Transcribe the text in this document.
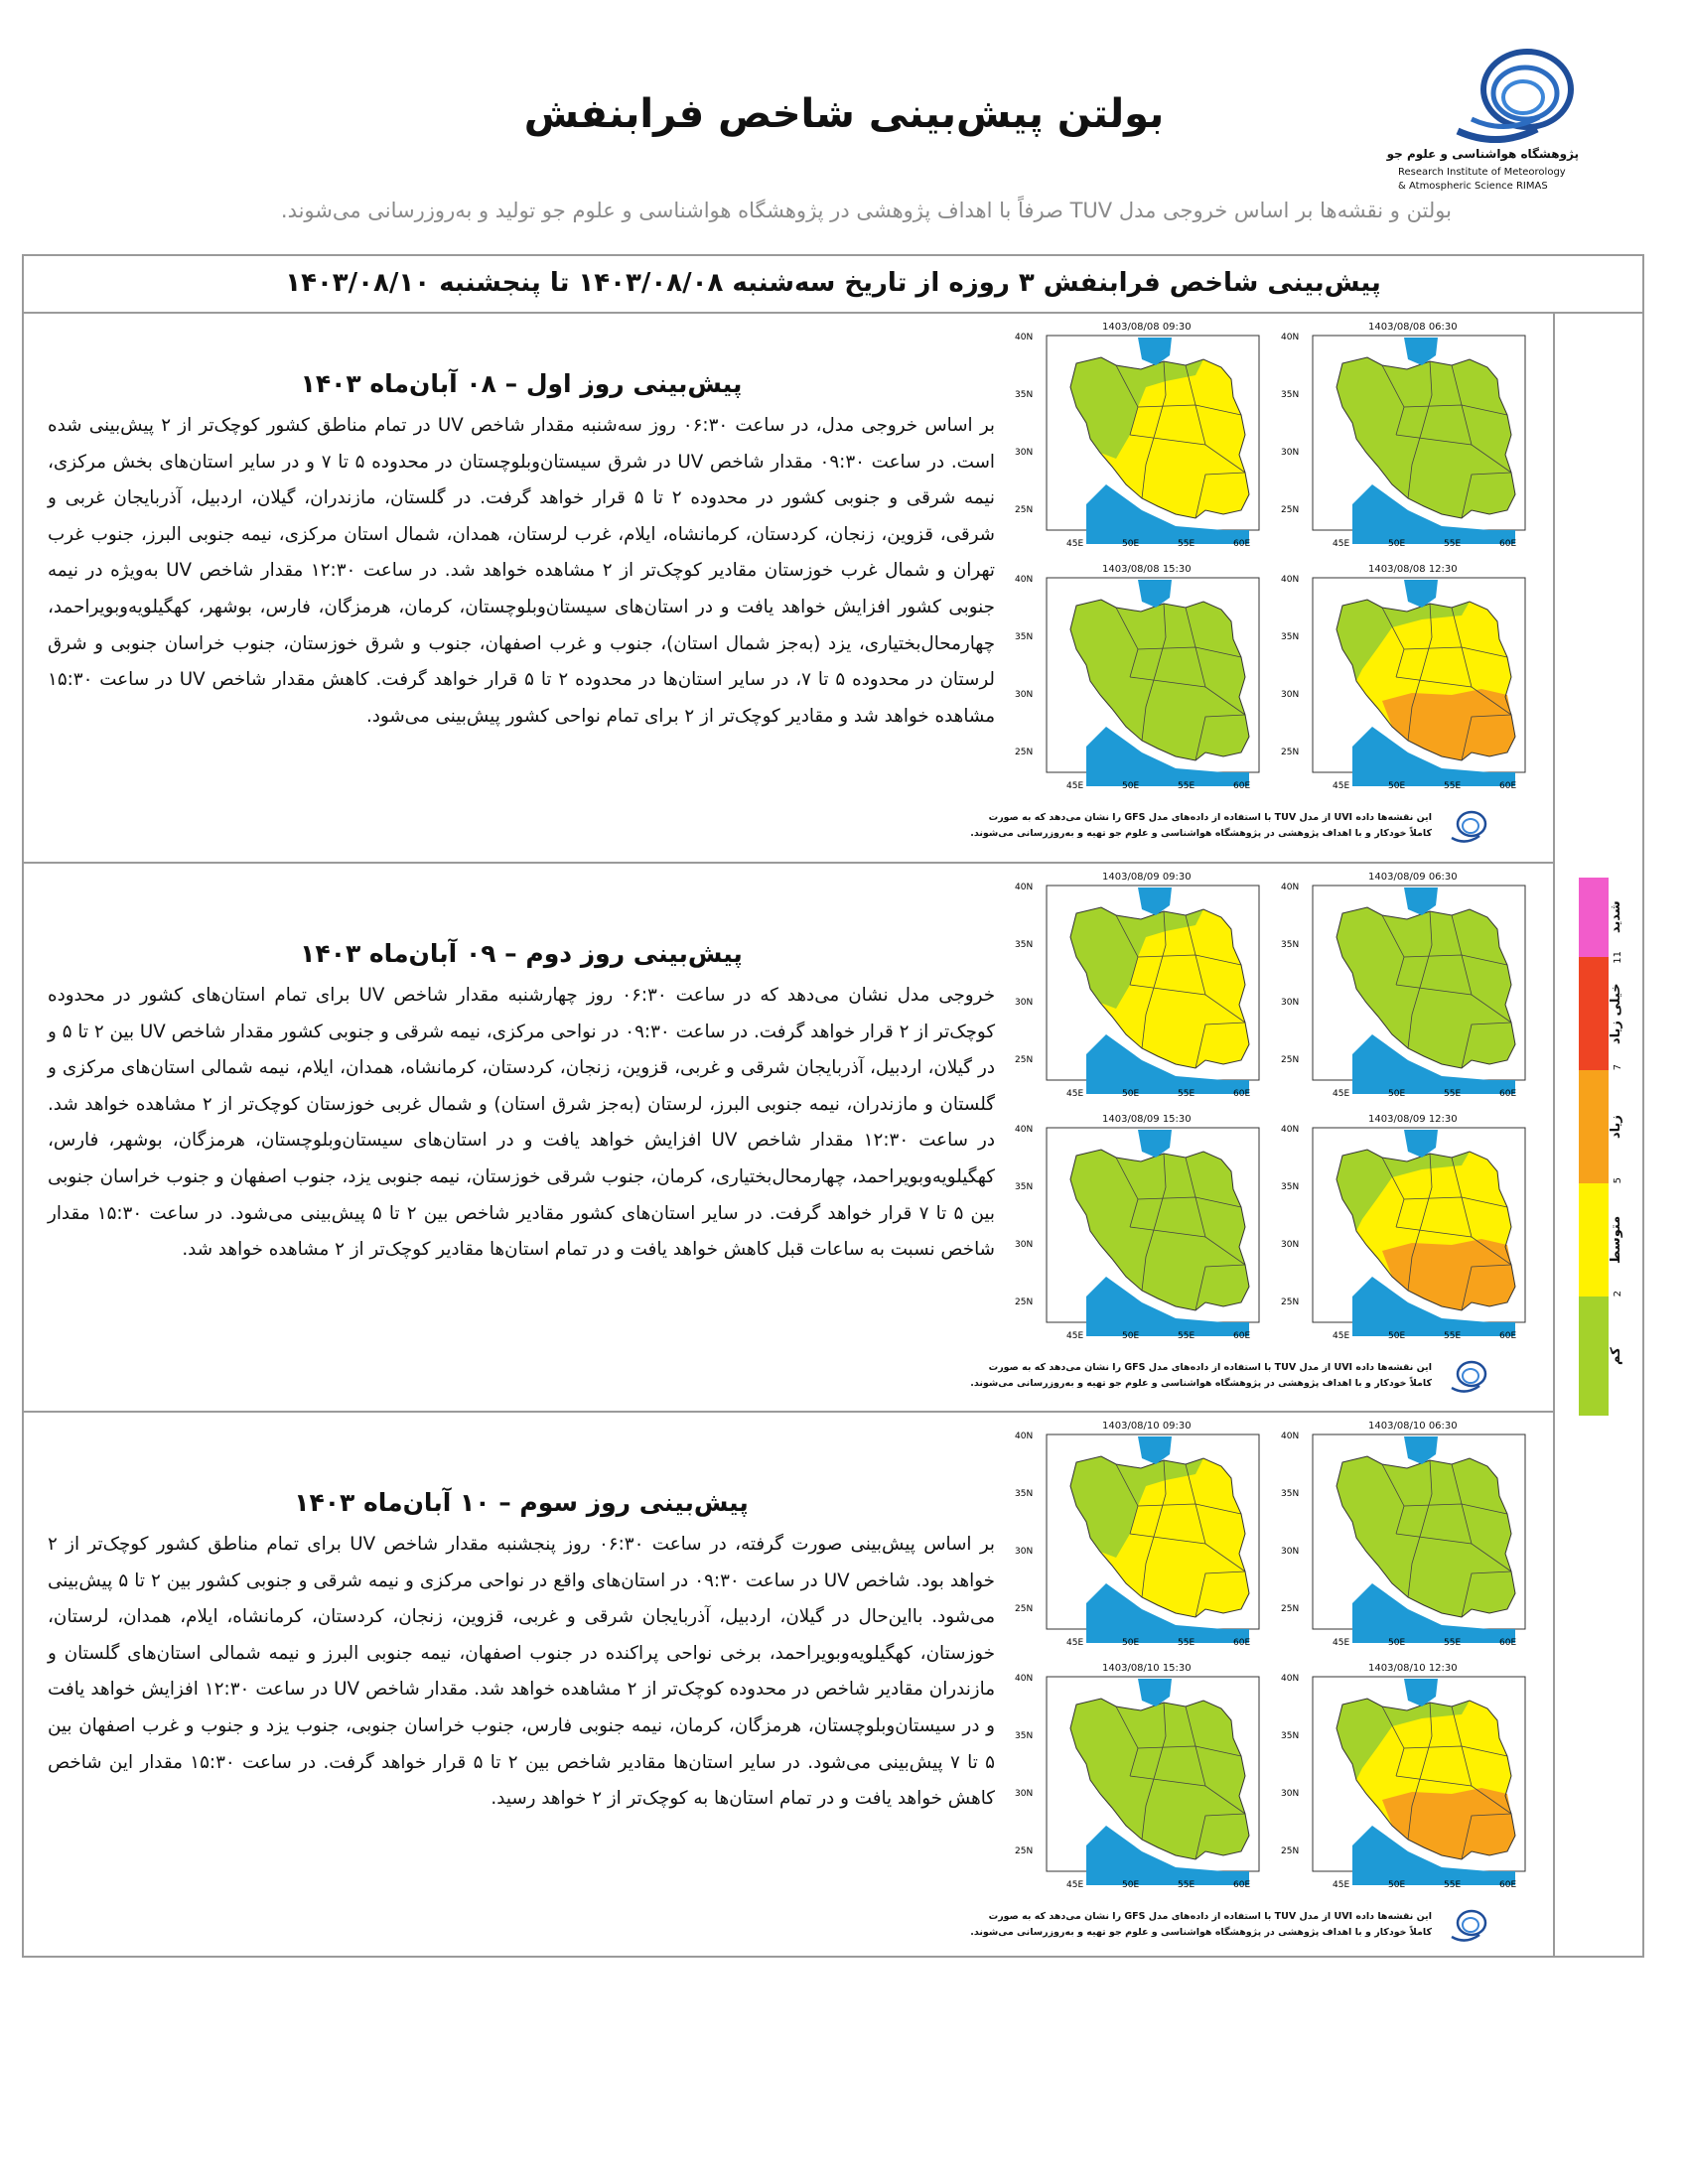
بولتن پیش‌بینی شاخص فرابنفش
پژوهشگاه هواشناسی و علوم جو
Research Institute of Meteorology
& Atmospheric Science RIMAS
بولتن و نقشه‌ها بر اساس خروجی مدل TUV صرفاً با اهداف پژوهشی در پژوهشگاه هواشناسی و علوم جو تولید و به‌روزرسانی می‌شوند.
پیش‌بینی شاخص فرابنفش ۳ روزه از تاریخ سه‌شنبه ۱۴۰۳/۰۸/۰۸ تا پنجشنبه ۱۴۰۳/۰۸/۱۰
پیش‌بینی روز اول – ۰۸ آبان‌ماه ۱۴۰۳

بر اساس خروجی مدل، در ساعت ۰۶:۳۰ روز سه‌شنبه مقدار شاخص UV در تمام مناطق کشور کوچک‌تر از ۲ پیش‌بینی شده است. در ساعت ۰۹:۳۰ مقدار شاخص UV در شرق سیستان‌وبلوچستان در محدوده ۵ تا ۷ و در سایر استان‌های بخش مرکزی، نیمه شرقی و جنوبی کشور در محدوده ۲ تا ۵ قرار خواهد گرفت. در گلستان، مازندران، گیلان، اردبیل، آذربایجان غربی و شرقی، قزوین، زنجان، کردستان، کرمانشاه، ایلام، غرب لرستان، همدان، شمال استان مرکزی، نیمه جنوبی البرز، جنوب غرب تهران و شمال غرب خوزستان مقادیر کوچک‌تر از ۲ مشاهده خواهد شد. در ساعت ۱۲:۳۰ مقدار شاخص UV به‌ویژه در نیمه جنوبی کشور افزایش خواهد یافت و در استان‌های سیستان‌وبلوچستان، کرمان، هرمزگان، فارس، بوشهر، کهگیلویه‌وبویراحمد، چهارمحال‌بختیاری، یزد (به‌جز شمال استان)، جنوب و غرب اصفهان، جنوب و شرق خوزستان، جنوب خراسان جنوبی و شرق لرستان در محدوده ۵ تا ۷، در سایر استان‌ها در محدوده ۲ تا ۵ قرار خواهد گرفت. کاهش مقدار شاخص UV در ساعت ۱۵:۳۰ مشاهده خواهد شد و مقادیر کوچک‌تر از ۲ برای تمام نواحی کشور پیش‌بینی می‌شود.

40N
35N
30N
25N
45E	50E	55E	60E
1403/08/08 06:30
40N
35N
30N
25N
45E	50E	55E	60E
1403/08/08 09:30
40N
35N
30N
25N
45E	50E	55E	60E
1403/08/08 12:30
40N
35N
30N
25N
45E	50E	55E	60E
1403/08/08 15:30
این نقشه‌ها داده UVI از مدل TUV با استفاده از داده‌های مدل GFS را نشان می‌دهد که به صورت
کاملاً خودکار و با اهداف پژوهشی در پژوهشگاه هواشناسی و علوم جو تهیه و به‌روزرسانی می‌شوند.
پیش‌بینی روز دوم – ۰۹ آبان‌ماه ۱۴۰۳

خروجی مدل نشان می‌دهد که در ساعت ۰۶:۳۰ روز چهارشنبه مقدار شاخص UV برای تمام استان‌های کشور در محدوده کوچک‌تر از ۲ قرار خواهد گرفت. در ساعت ۰۹:۳۰ در نواحی مرکزی، نیمه شرقی و جنوبی کشور مقدار شاخص UV بین ۲ تا ۵ و در گیلان، اردبیل، آذربایجان شرقی و غربی، قزوین، زنجان، کردستان، کرمانشاه، همدان، ایلام، نیمه شمالی استان‌های مرکزی و گلستان و مازندران، نیمه جنوبی البرز، لرستان (به‌جز شرق استان) و شمال غربی خوزستان کوچک‌تر از ۲ مشاهده خواهد شد. در ساعت ۱۲:۳۰ مقدار شاخص UV افزایش خواهد یافت و در استان‌های سیستان‌وبلوچستان، هرمزگان، بوشهر، فارس، کهگیلویه‌وبویراحمد، چهارمحال‌بختیاری، کرمان، جنوب شرقی خوزستان، نیمه جنوبی یزد، جنوب اصفهان و جنوب خراسان جنوبی بین ۵ تا ۷ قرار خواهد گرفت. در سایر استان‌های کشور مقادیر شاخص بین ۲ تا ۵ پیش‌بینی می‌شود. در ساعت ۱۵:۳۰ مقدار شاخص نسبت به ساعات قبل کاهش خواهد یافت و در تمام استان‌ها مقادیر کوچک‌تر از ۲ مشاهده خواهد شد.

40N
35N
30N
25N
45E	50E	55E	60E
1403/08/09 06:30
40N
35N
30N
25N
45E	50E	55E	60E
1403/08/09 09:30
40N
35N
30N
25N
45E	50E	55E	60E
1403/08/09 12:30
40N
35N
30N
25N
45E	50E	55E	60E
1403/08/09 15:30
این نقشه‌ها داده UVI از مدل TUV با استفاده از داده‌های مدل GFS را نشان می‌دهد که به صورت
کاملاً خودکار و با اهداف پژوهشی در پژوهشگاه هواشناسی و علوم جو تهیه و به‌روزرسانی می‌شوند.
پیش‌بینی روز سوم – ۱۰ آبان‌ماه ۱۴۰۳

بر اساس پیش‌بینی صورت گرفته، در ساعت ۰۶:۳۰ روز پنجشنبه مقدار شاخص UV برای تمام مناطق کشور کوچک‌تر از ۲ خواهد بود. شاخص UV در ساعت ۰۹:۳۰ در استان‌های واقع در نواحی مرکزی و نیمه شرقی و جنوبی کشور بین ۲ تا ۵ پیش‌بینی می‌شود. بااین‌حال در گیلان، اردبیل، آذربایجان شرقی و غربی، قزوین، زنجان، کردستان، کرمانشاه، ایلام، همدان، لرستان، خوزستان، کهگیلویه‌وبویراحمد، برخی نواحی پراکنده در جنوب اصفهان، نیمه جنوبی البرز و نیمه شمالی استان‌های گلستان و مازندران مقادیر شاخص در محدوده کوچک‌تر از ۲ مشاهده خواهد شد. مقدار شاخص UV در ساعت ۱۲:۳۰ افزایش خواهد یافت و در سیستان‌وبلوچستان، هرمزگان، کرمان، نیمه جنوبی فارس، جنوب خراسان جنوبی، جنوب یزد و جنوب و غرب اصفهان بین ۵ تا ۷ پیش‌بینی می‌شود. در سایر استان‌ها مقادیر شاخص بین ۲ تا ۵ قرار خواهد گرفت. در ساعت ۱۵:۳۰ مقدار این شاخص کاهش خواهد یافت و در تمام استان‌ها به کوچک‌تر از ۲ خواهد رسید.

40N
35N
30N
25N
45E	50E	55E	60E
1403/08/10 06:30
40N
35N
30N
25N
45E	50E	55E	60E
1403/08/10 09:30
40N
35N
30N
25N
45E	50E	55E	60E
1403/08/10 12:30
40N
35N
30N
25N
45E	50E	55E	60E
1403/08/10 15:30
این نقشه‌ها داده UVI از مدل TUV با استفاده از داده‌های مدل GFS را نشان می‌دهد که به صورت
کاملاً خودکار و با اهداف پژوهشی در پژوهشگاه هواشناسی و علوم جو تهیه و به‌روزرسانی می‌شوند.
کم
متوسط
زیاد
خیلی زیاد
شدید
2
5
7
11
